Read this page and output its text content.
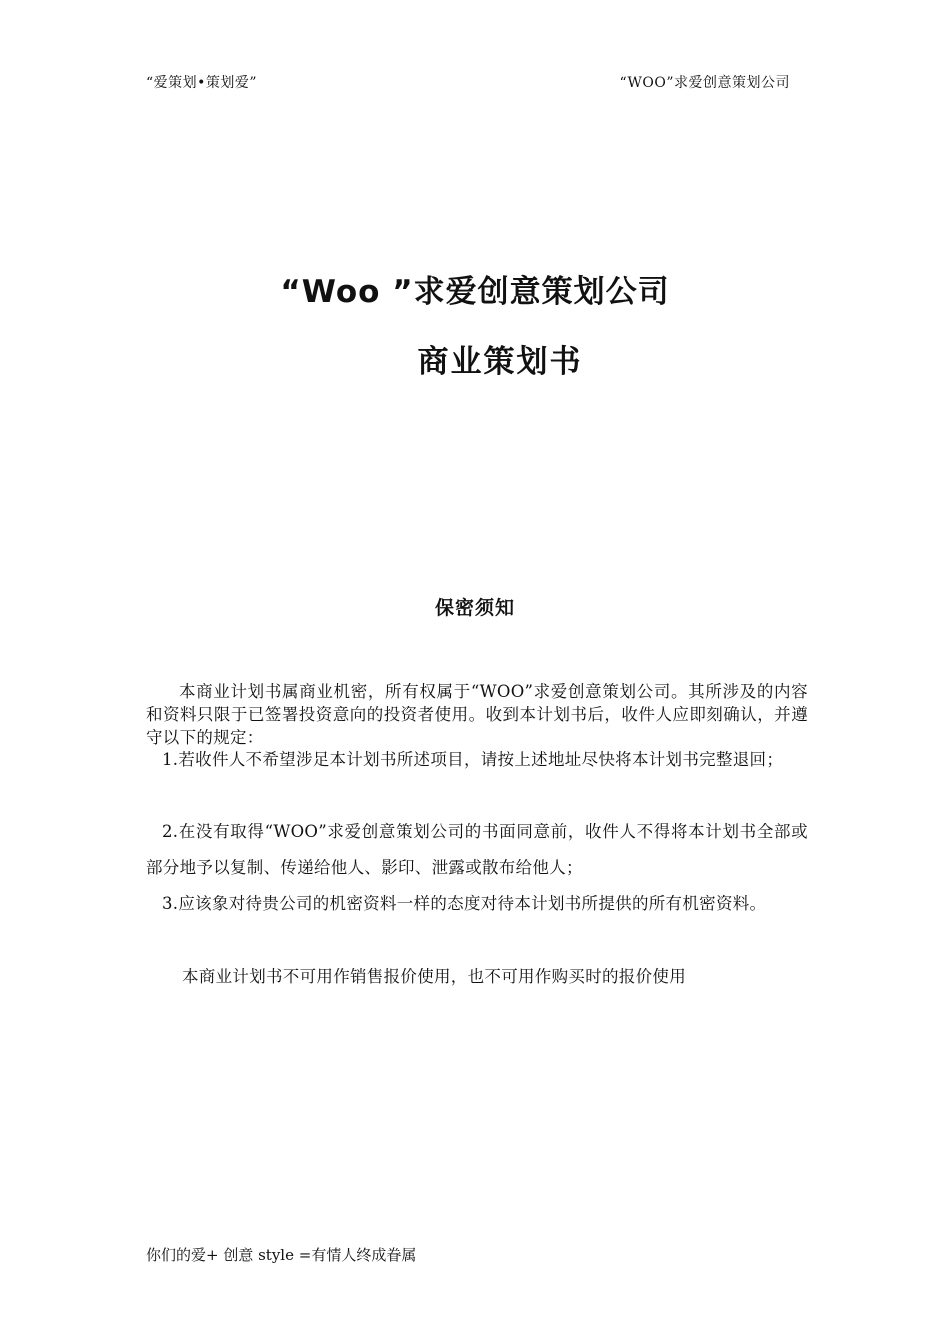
“爱策划•策划爱”	“WOO”求爱创意策划公司
“Woo ”求爱创意策划公司
商业策划书
保密须知
本商业计划书属商业机密，所有权属于“WOO”求爱创意策划公司。其所涉及的内容和资料只限于已签署投资意向的投资者使用。收到本计划书后，收件人应即刻确认，并遵守以下的规定：
1.若收件人不希望涉足本计划书所述项目，请按上述地址尽快将本计划书完整退回；
2.在没有取得“WOO”求爱创意策划公司的书面同意前，收件人不得将本计划书全部或部分地予以复制、传递给他人、影印、泄露或散布给他人；
3.应该象对待贵公司的机密资料一样的态度对待本计划书所提供的所有机密资料。
本商业计划书不可用作销售报价使用，也不可用作购买时的报价使用
你们的爱+ 创意 style =有情人终成眷属
